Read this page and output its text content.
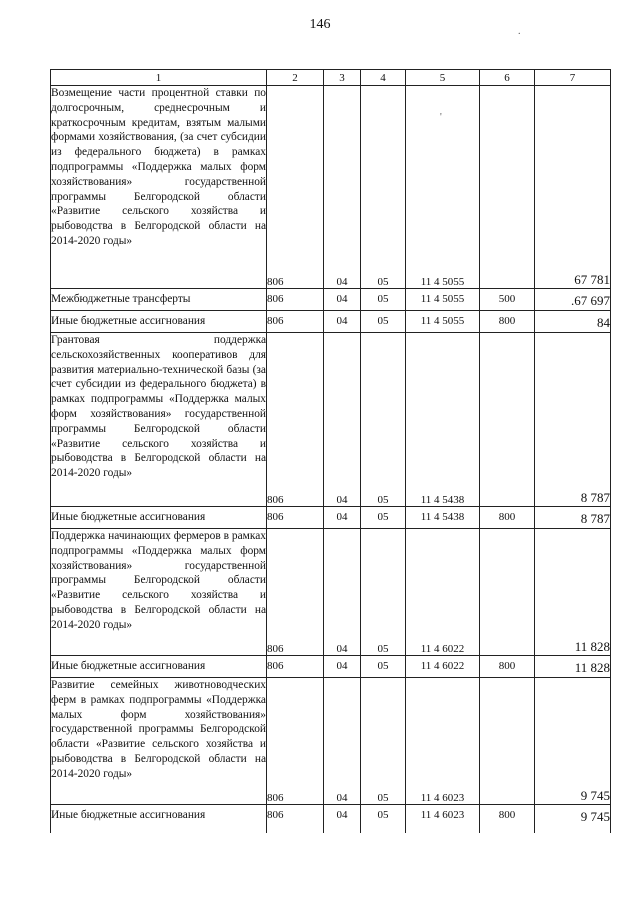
146	.
'
1	2	3	4	5	6	7
Возмещение части процентной ставки по долгосрочным, среднесрочным и краткосрочным кредитам, взятым малыми формами хозяйствования, (за счет субсидии из федерального бюджета) в рамках подпрограммы «Поддержка малых форм хозяйствования» государственной программы Белгородской области «Развитие сельского хозяйства и рыбоводства в Белгородской области на 2014-2020 годы»	806	04	05	11 4 5055		67 781
Межбюджетные трансферты	806	04	05	11 4 5055	500	.67 697
Иные бюджетные ассигнования	806	04	05	11 4 5055	800	84
Грантовая поддержка сельскохозяйственных кооперативов для развития материально-технической базы (за счет субсидии из федерального бюджета) в рамках подпрограммы «Поддержка малых форм хозяйствования» государственной программы Белгородской области «Развитие сельского хозяйства и рыбоводства в Белгородской области на 2014-2020 годы»	806	04	05	11 4 5438		8 787
Иные бюджетные ассигнования	806	04	05	11 4 5438	800	8 787
Поддержка начинающих фермеров в рамках подпрограммы «Поддержка малых форм хозяйствования» государственной программы Белгородской области «Развитие сельского хозяйства и рыбоводства в Белгородской области на 2014-2020 годы»	806	04	05	11 4 6022		11 828
Иные бюджетные ассигнования	806	04	05	11 4 6022	800	11 828
Развитие семейных животноводческих ферм в рамках подпрограммы «Поддержка малых форм хозяйствования» государственной программы Белгородской области «Развитие сельского хозяйства и рыбоводства в Белгородской области на 2014-2020 годы»	806	04	05	11 4 6023		9 745
Иные бюджетные ассигнования	806	04	05	11 4 6023	800	9 745
